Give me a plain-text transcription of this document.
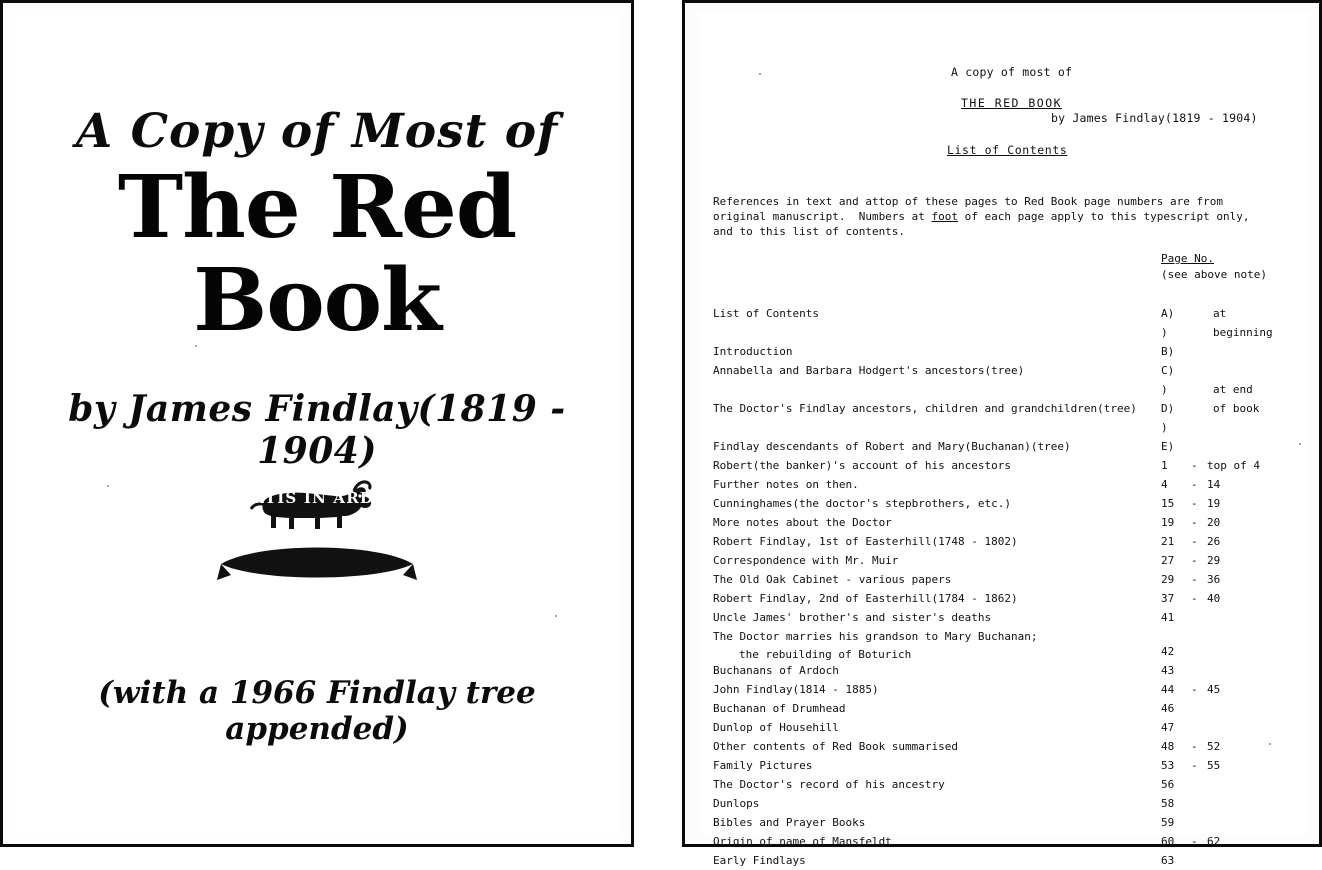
A Copy of Most of
The Red Book
by James Findlay(1819 - 1904)
FORTIS IN ARDUIS
(with a 1966 Findlay tree appended)
A copy of most of
THE RED BOOK
by James Findlay(1819 - 1904)
List of Contents
References in text and attop of these pages to Red Book page numbers are from original manuscript.  Numbers at foot of each page apply to this typescript only, and to this list of contents.
Page No.
(see above note)
List of Contents	A)	at
)	beginning
Introduction	B)
Annabella and Barbara Hodgert's ancestors(tree)	C)
)	at end
The Doctor's Findlay ancestors, children and grandchildren(tree) D)	of book
)
Findlay descendants of Robert and Mary(Buchanan)(tree)	E)
Robert(the banker)'s account of his ancestors	1 - top of 4
Further notes on then.	4 - 14
Cunninghames(the doctor's stepbrothers, etc.)	15 - 19
More notes about the Doctor	19 - 20
Robert Findlay, 1st of Easterhill(1748 - 1802)	21 - 26
Correspondence with Mr. Muir	27 - 29
The Old Oak Cabinet - various papers	29 - 36
Robert Findlay, 2nd of Easterhill(1784 - 1862)	37 - 40
Uncle James' brother's and sister's deaths	41
The Doctor marries his grandson to Mary Buchanan;
the rebuilding of Boturich	42
Buchanans of Ardoch	43
John Findlay(1814 - 1885)	44 - 45
Buchanan of Drumhead	46
Dunlop of Househill	47
Other contents of Red Book summarised	48 - 52
Family Pictures	53 - 55
The Doctor's record of his ancestry	56
Dunlops	58
Bibles and Prayer Books	59
Origin of name of Mansfeldt	60 - 62
Early Findlays	63
